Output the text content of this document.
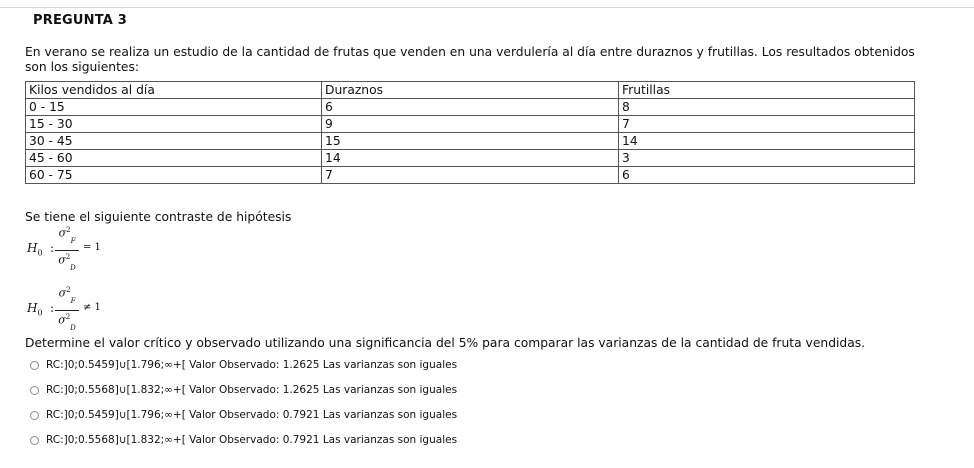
PREGUNTA 3
En verano se realiza un estudio de la cantidad de frutas que venden en una verdulería al día entre duraznos y frutillas. Los resultados obtenidos son los siguientes:
Kilos vendidos al día	Duraznos	Frutillas
0 - 15	6	8
15 - 30	9	7
30 - 45	15	14
45 - 60	14	3
60 - 75	7	6
Se tiene el siguiente contraste de hipótesis
$H_0$ :
$\sigma^2_F$
$\sigma^2_D$
= 1
$H_0$ :
$\sigma^2_F$
$\sigma^2_D$
≠ 1
Determine el valor crítico y observado utilizando una significancia del 5% para comparar las varianzas de la cantidad de fruta vendidas.
RC:]0;0.5459]∪[1.796;∞+[ Valor Observado: 1.2625 Las varianzas son iguales
RC:]0;0.5568]∪[1.832;∞+[ Valor Observado: 1.2625 Las varianzas son iguales
RC:]0;0.5459]∪[1.796;∞+[ Valor Observado: 0.7921 Las varianzas son iguales
RC:]0;0.5568]∪[1.832;∞+[ Valor Observado: 0.7921 Las varianzas son iguales
